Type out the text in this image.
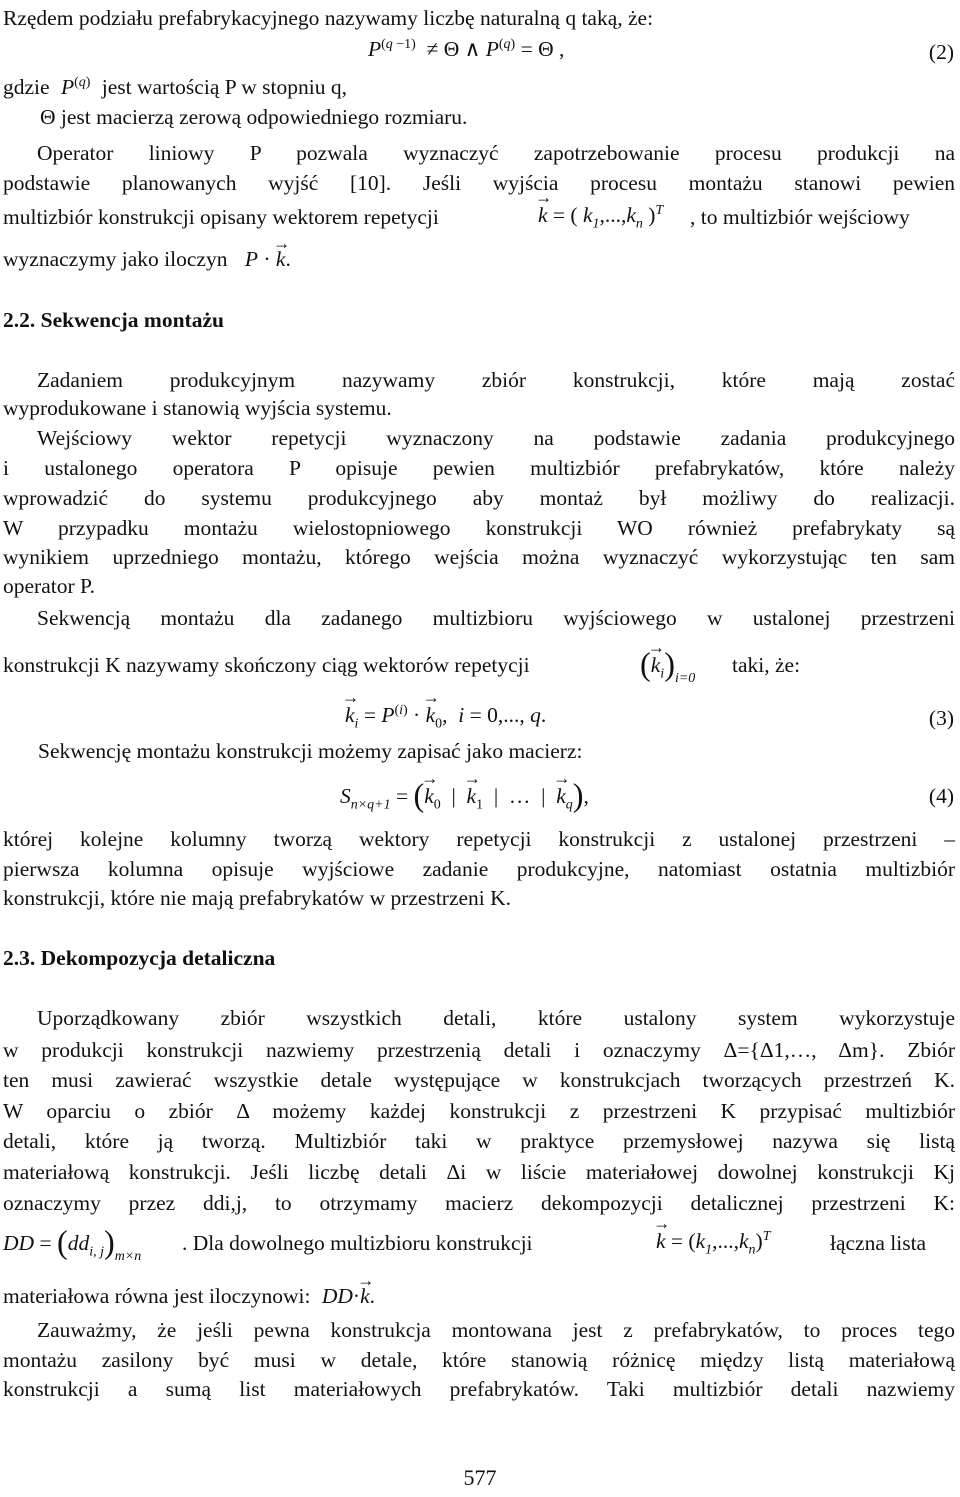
Rzędem podziału prefabrykacyjnego nazywamy liczbę naturalną q taką, że:
$P^{(q -1)} \ne \Theta$ ∧ $P^{(q)} = \Theta$ ,	(2)
gdzie $P^{(q)}$ jest wartością P w stopniu q,
Θ jest macierzą zerową odpowiedniego rozmiaru.
Operator liniowy P pozwala wyznaczyć zapotrzebowanie procesu produkcji na
podstawie planowanych wyjść [10]. Jeśli wyjścia procesu montażu stanowi pewien
multizbiór konstrukcji opisany wektorem repetycji	→ k = ( $k_1,...,k_n$ )$^T$ , to multizbiór wejściowy
wyznaczymy jako iloczyn P · → k.
2.2. Sekwencja montażu
Zadaniem produkcyjnym nazywamy zbiór konstrukcji, które mają zostać
wyprodukowane i stanowią wyjścia systemu.
Wejściowy wektor repetycji wyznaczony na podstawie zadania produkcyjnego
i ustalonego operatora P opisuje pewien multizbiór prefabrykatów, które należy
wprowadzić do systemu produkcyjnego aby montaż był możliwy do realizacji.
W przypadku montażu wielostopniowego konstrukcji WO również prefabrykaty są
wynikiem uprzedniego montażu, którego wejścia można wyznaczyć wykorzystując ten sam
operator P.
Sekwencją montażu dla zadanego multizbioru wyjściowego w ustalonej przestrzeni
konstrukcji K nazywamy skończony ciąg wektorów repetycji	(→ $k_i)_{i=0}$
taki, że:
→ $k_i = P^{(i)}$ · → $k_0$,  i = 0,..., q.	(3)
Sekwencję montażu konstrukcji możemy zapisać jako macierz:
$S_{n\times q+1}$ = (→ $k_0$  |  → $k_1$  |  …  |  → $k_q$),	(4)
której kolejne kolumny tworzą wektory repetycji konstrukcji z ustalonej przestrzeni –
pierwsza kolumna opisuje wyjściowe zadanie produkcyjne, natomiast ostatnia multizbiór
konstrukcji, które nie mają prefabrykatów w przestrzeni K.
2.3. Dekompozycja detaliczna
Uporządkowany zbiór wszystkich detali, które ustalony system wykorzystuje
w produkcji konstrukcji nazwiemy przestrzenią detali i oznaczymy Δ={Δ1,…, Δm}. Zbiór
ten musi zawierać wszystkie detale występujące w konstrukcjach tworzących przestrzeń K.
W oparciu o zbiór Δ możemy każdej konstrukcji z przestrzeni K przypisać multizbiór
detali, które ją tworzą. Multizbiór taki w praktyce przemysłowej nazywa się listą
materiałową konstrukcji. Jeśli liczbę detali Δi w liście materiałowej dowolnej konstrukcji Kj
oznaczymy przez ddi,j, to otrzymamy macierz dekompozycji detalicznej przestrzeni K:
DD = $(dd_{i, j})_{m\times n}$
. Dla dowolnego multizbioru konstrukcji	→ $k = (k_1,...,k_n)^T$	łączna lista
materiałowa równa jest iloczynowi: DD·→ k.
Zauważmy, że jeśli pewna konstrukcja montowana jest z prefabrykatów, to proces tego
montażu zasilony być musi w detale, które stanowią różnicę między listą materiałową
konstrukcji a sumą list materiałowych prefabrykatów. Taki multizbiór detali nazwiemy
577
